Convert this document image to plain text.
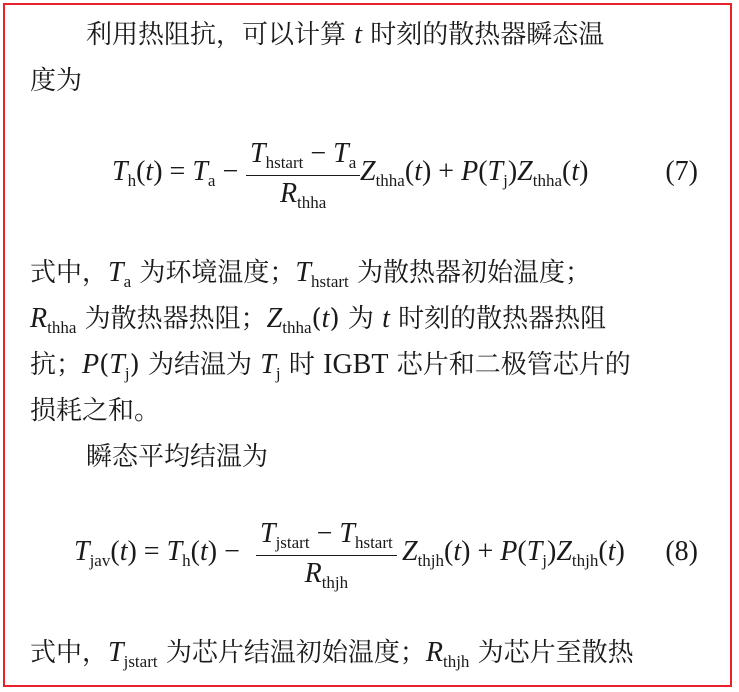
利用热阻抗，可以计算 t 时刻的散热器瞬态温
度为
$T_h(t) = T_a$ −
$T_{hstart} - T_a$
$R_{thha}$
$Z_{thha}(t) + P(T_j)Z_{thha}(t)$	(7)
式中，$T_a$ 为环境温度；$T_{hstart}$ 为散热器初始温度；
$R_{thha}$ 为散热器热阻；$Z_{thha}(t)$ 为 t 时刻的散热器热阻
抗；$P(T_j)$ 为结温为 $T_j$ 时 IGBT 芯片和二极管芯片的
损耗之和。
瞬态平均结温为
$T_{jav}(t) = T_h(t)$ −
$T_{jstart} - T_{hstart}$
$R_{thjh}$
$Z_{thjh}(t) + P(T_j)Z_{thjh}(t)$ (8)
式中，$T_{jstart}$ 为芯片结温初始温度；$R_{thjh}$ 为芯片至散热
